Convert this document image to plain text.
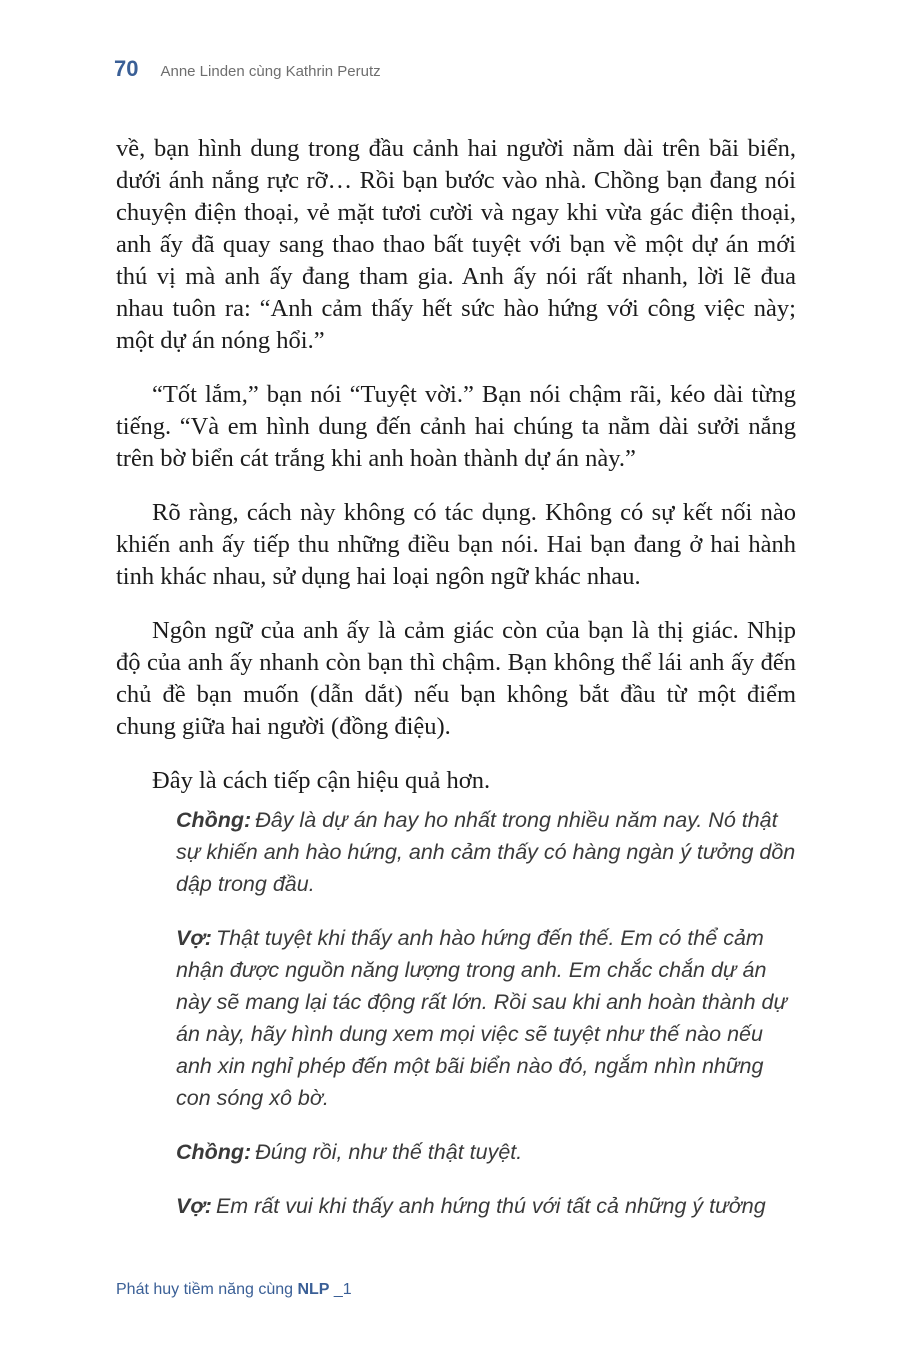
70 Anne Linden cùng Kathrin Perutz

về, bạn hình dung trong đầu cảnh hai người nằm dài trên bãi biển, dưới ánh nắng rực rỡ… Rồi bạn bước vào nhà. Chồng bạn đang nói chuyện điện thoại, vẻ mặt tươi cười và ngay khi vừa gác điện thoại, anh ấy đã quay sang thao thao bất tuyệt với bạn về một dự án mới thú vị mà anh ấy đang tham gia. Anh ấy nói rất nhanh, lời lẽ đua nhau tuôn ra: “Anh cảm thấy hết sức hào hứng với công việc này; một dự án nóng hổi.”

“Tốt lắm,” bạn nói “Tuyệt vời.” Bạn nói chậm rãi, kéo dài từng tiếng. “Và em hình dung đến cảnh hai chúng ta nằm dài sưởi nắng trên bờ biển cát trắng khi anh hoàn thành dự án này.”

Rõ ràng, cách này không có tác dụng. Không có sự kết nối nào khiến anh ấy tiếp thu những điều bạn nói. Hai bạn đang ở hai hành tinh khác nhau, sử dụng hai loại ngôn ngữ khác nhau.

Ngôn ngữ của anh ấy là cảm giác còn của bạn là thị giác. Nhịp độ của anh ấy nhanh còn bạn thì chậm. Bạn không thể lái anh ấy đến chủ đề bạn muốn (dẫn dắt) nếu bạn không bắt đầu từ một điểm chung giữa hai người (đồng điệu).

Đây là cách tiếp cận hiệu quả hơn.

Chồng: Đây là dự án hay ho nhất trong nhiều năm nay. Nó thật sự khiến anh hào hứng, anh cảm thấy có hàng ngàn ý tưởng dồn dập trong đầu.

Vợ: Thật tuyệt khi thấy anh hào hứng đến thế. Em có thể cảm nhận được nguồn năng lượng trong anh. Em chắc chắn dự án này sẽ mang lại tác động rất lớn. Rồi sau khi anh hoàn thành dự án này, hãy hình dung xem mọi việc sẽ tuyệt như thế nào nếu anh xin nghỉ phép đến một bãi biển nào đó, ngắm nhìn những con sóng xô bờ.

Chồng: Đúng rồi, như thế thật tuyệt.

Vợ: Em rất vui khi thấy anh hứng thú với tất cả những ý tưởng

Phát huy tiềm năng cùng NLP _1
